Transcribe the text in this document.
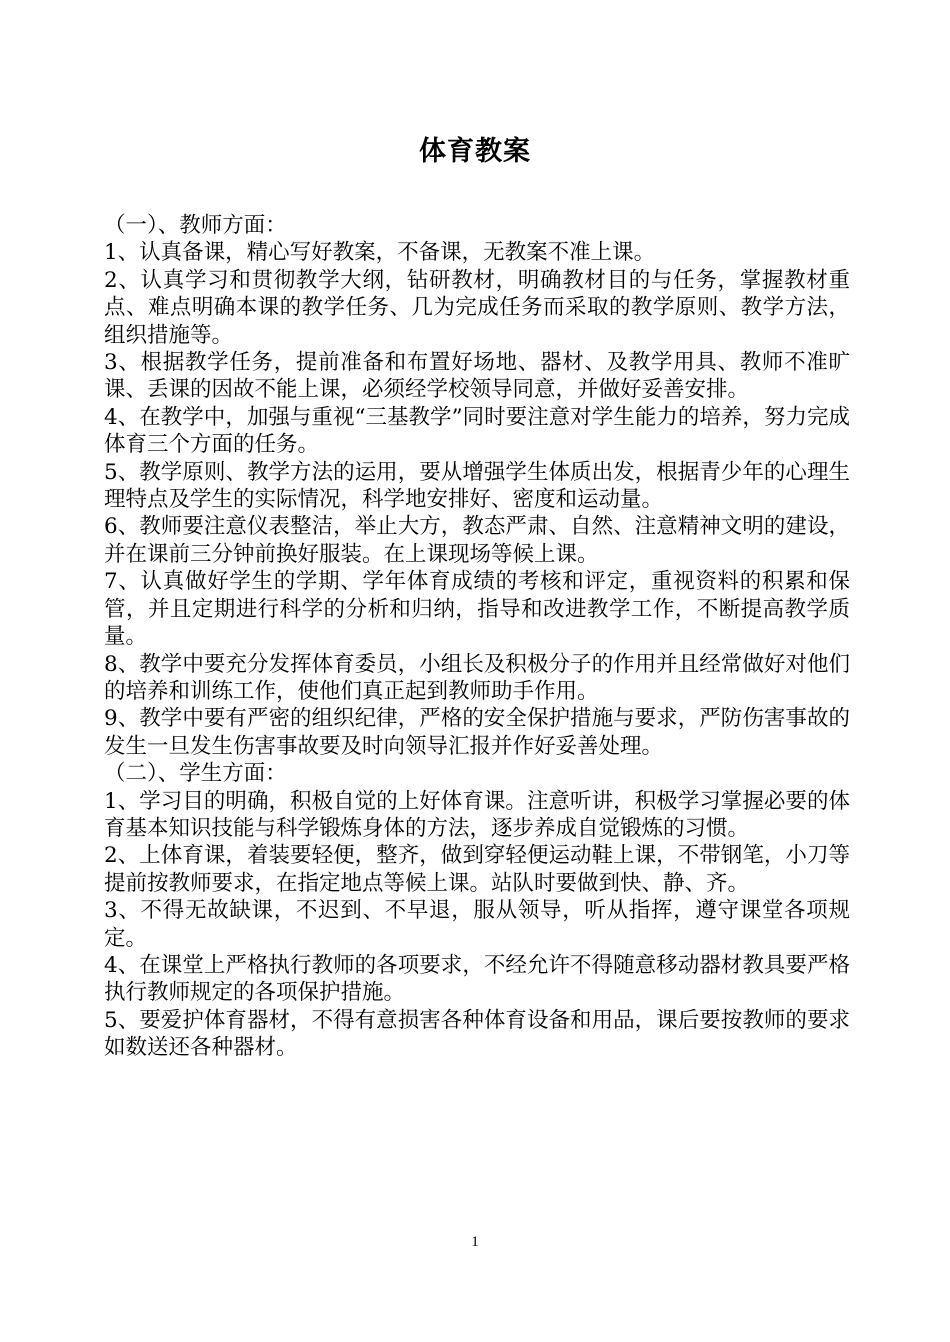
体育教案

（一）、教师方面：

1、认真备课，精心写好教案，不备课，无教案不准上课。

2、认真学习和贯彻教学大纲，钻研教材，明确教材目的与任务，掌握教材重点、难点明确本课的教学任务、几为完成任务而采取的教学原则、教学方法，组织措施等。

3、根据教学任务，提前准备和布置好场地、器材、及教学用具、教师不准旷课、丢课的因故不能上课，必须经学校领导同意，并做好妥善安排。

4、在教学中，加强与重视“三基教学”同时要注意对学生能力的培养，努力完成体育三个方面的任务。

5、教学原则、教学方法的运用，要从增强学生体质出发，根据青少年的心理生理特点及学生的实际情况，科学地安排好、密度和运动量。

6、教师要注意仪表整洁，举止大方，教态严肃、自然、注意精神文明的建设，并在课前三分钟前换好服装。在上课现场等候上课。

7、认真做好学生的学期、学年体育成绩的考核和评定，重视资料的积累和保管，并且定期进行科学的分析和归纳，指导和改进教学工作，不断提高教学质量。

8、教学中要充分发挥体育委员，小组长及积极分子的作用并且经常做好对他们的培养和训练工作，使他们真正起到教师助手作用。

9、教学中要有严密的组织纪律，严格的安全保护措施与要求，严防伤害事故的发生一旦发生伤害事故要及时向领导汇报并作好妥善处理。

（二）、学生方面：

1、学习目的明确，积极自觉的上好体育课。注意听讲，积极学习掌握必要的体育基本知识技能与科学锻炼身体的方法，逐步养成自觉锻炼的习惯。

2、上体育课，着装要轻便，整齐，做到穿轻便运动鞋上课，不带钢笔，小刀等提前按教师要求，在指定地点等候上课。站队时要做到快、静、齐。

3、不得无故缺课，不迟到、不早退，服从领导，听从指挥，遵守课堂各项规定。

4、在课堂上严格执行教师的各项要求，不经允许不得随意移动器材教具要严格执行教师规定的各项保护措施。

5、要爱护体育器材，不得有意损害各种体育设备和用品，课后要按教师的要求如数送还各种器材。

1
